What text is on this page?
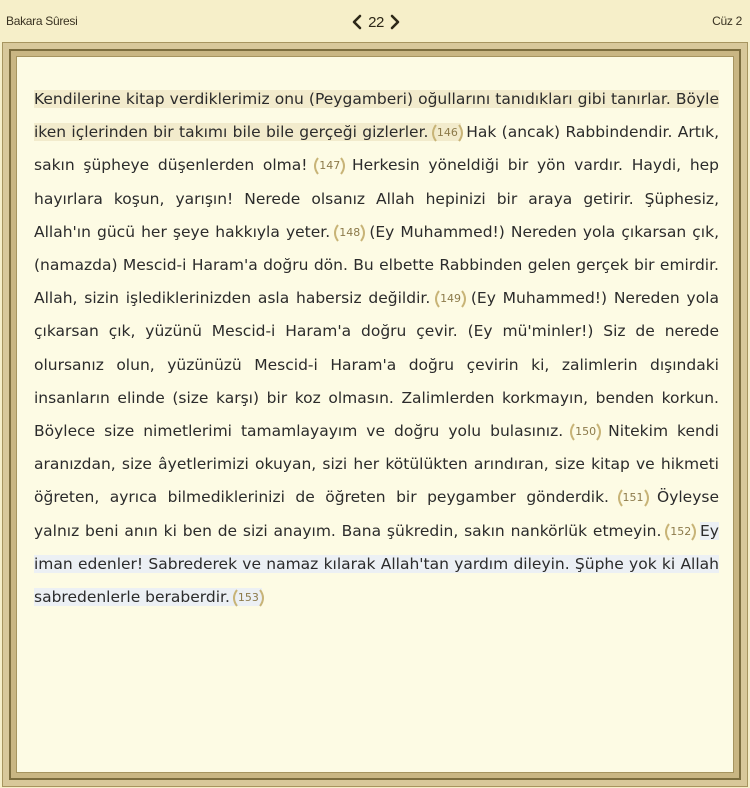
Bakara Sûresi	22	Cüz 2
Kendilerine kitap verdiklerimiz onu (Peygamberi) oğullarını tanıdıkları gibi tanırlar. Böyle iken içlerinden bir takımı bile bile gerçeği gizlerler. 146 Hak (ancak) Rabbindendir. Artık, sakın şüpheye düşenlerden olma! 147 Herkesin yöneldiği bir yön vardır. Haydi, hep hayırlara koşun, yarışın! Nerede olsanız Allah hepinizi bir araya getirir. Şüphesiz, Allah'ın gücü her şeye hakkıyla yeter. 148 (Ey Muhammed!) Nereden yola çıkarsan çık, (namazda) Mescid-i Haram'a doğru dön. Bu elbette Rabbinden gelen gerçek bir emirdir. Allah, sizin işlediklerinizden asla habersiz değildir. 149 (Ey Muhammed!) Nereden yola çıkarsan çık, yüzünü Mescid-i Haram'a doğru çevir. (Ey mü'minler!) Siz de nerede olursanız olun, yüzünüzü Mescid-i Haram'a doğru çevirin ki, zalimlerin dışındaki insanların elinde (size karşı) bir koz olmasın. Zalimlerden korkmayın, benden korkun. Böylece size nimetlerimi tamamlayayım ve doğru yolu bulasınız. 150 Nitekim kendi aranızdan, size âyetlerimizi okuyan, sizi her kötülükten arındıran, size kitap ve hikmeti öğreten, ayrıca bilmediklerinizi de öğreten bir peygamber gönderdik. 151 Öyleyse yalnız beni anın ki ben de sizi anayım. Bana şükredin, sakın nankörlük etmeyin. 152 Ey iman edenler! Sabrederek ve namaz kılarak Allah'tan yardım dileyin. Şüphe yok ki Allah sabredenlerle beraberdir. 153
